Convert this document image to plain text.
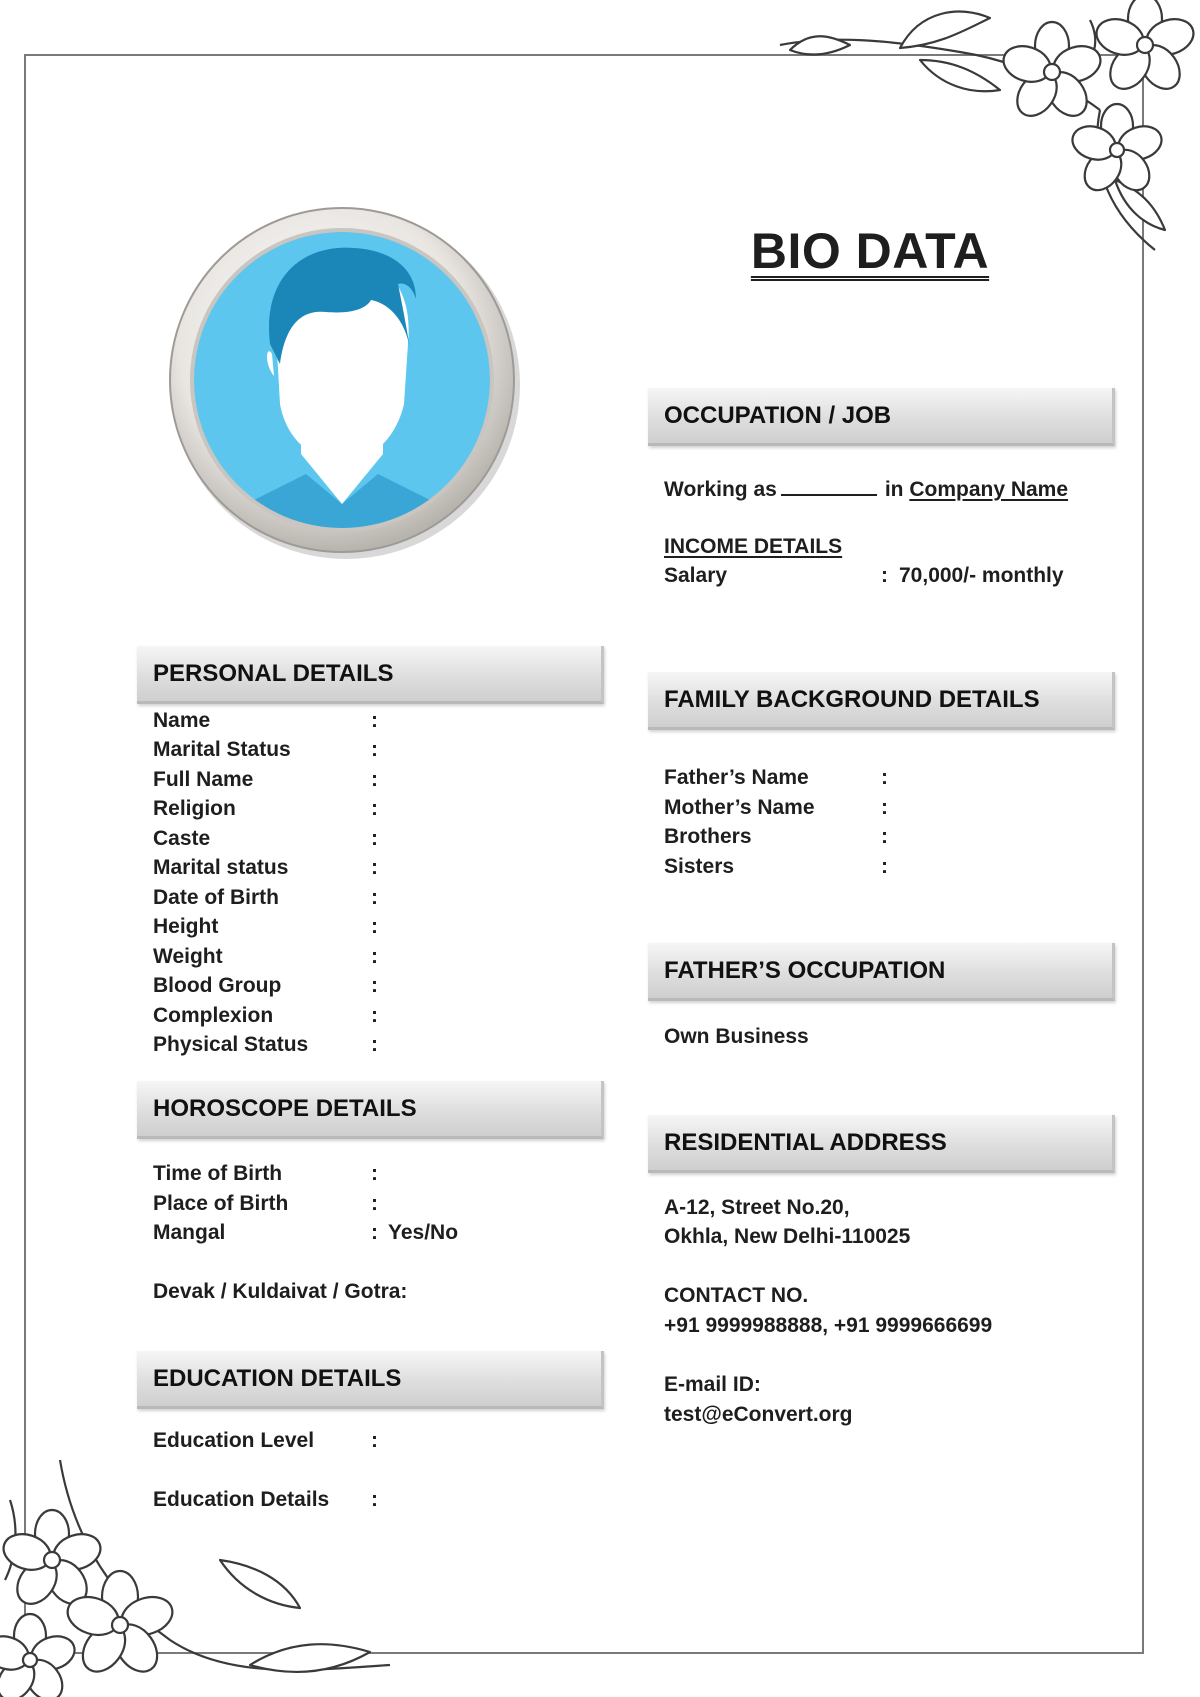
BIO DATA
OCCUPATION / JOB
Working as	in Company Name
INCOME DETAILS
Salary	: 70,000/- monthly
PERSONAL DETAILS
Name	:
Marital Status	:
Full Name	:
Religion	:
Caste	:
Marital status	:
Date of Birth	:
Height	:
Weight	:
Blood Group	:
Complexion	:
Physical Status	:
FAMILY BACKGROUND DETAILS
Father’s Name	:
Mother’s Name	:
Brothers	:
Sisters	:
FATHER’S OCCUPATION
Own Business
HOROSCOPE DETAILS
Time of Birth	:
Place of Birth	:
Mangal	: Yes/No
Devak / Kuldaivat / Gotra:
RESIDENTIAL ADDRESS
A-12, Street No.20,
Okhla, New Delhi-110025
CONTACT NO.
+91 9999988888, +91 9999666699
E-mail ID:
test@eConvert.org
EDUCATION DETAILS
Education Level	:
Education Details :
